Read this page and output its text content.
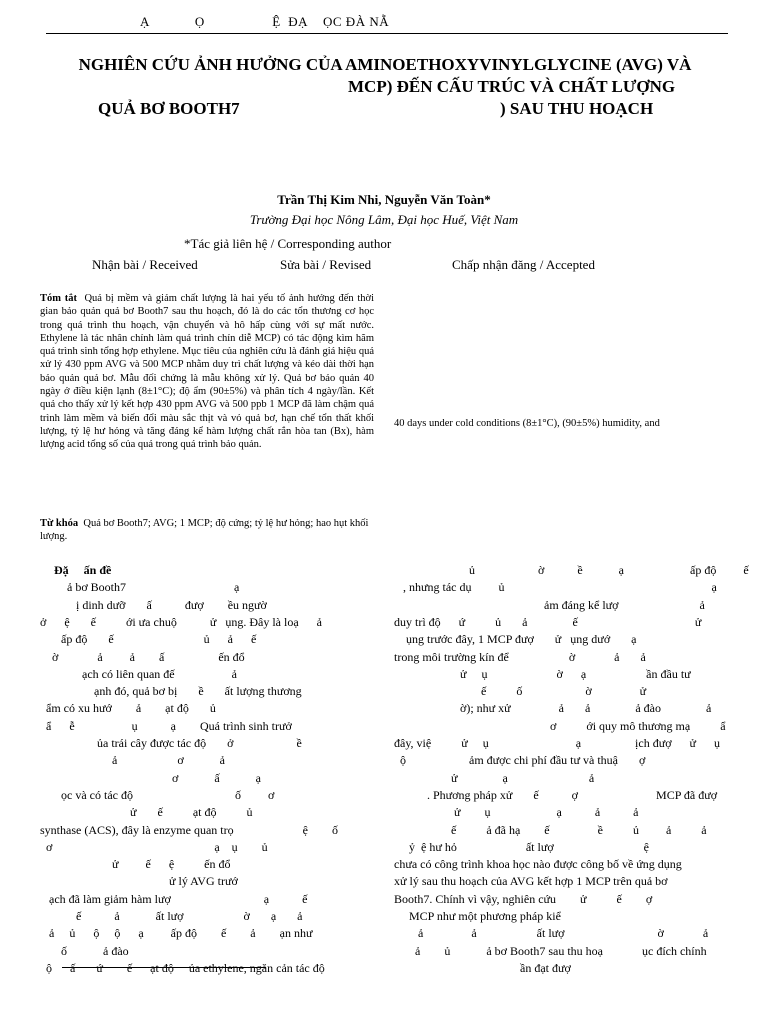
Ạ            Ọ                  Ệ  ĐẠ    ỌC ĐÀ NẴ
NGHIÊN CỨU ẢNH HƯỞNG CỦA AMINOETHOXYVINYLGLYCINE (AVG) VÀ
MCP) ĐẾN CẤU TRÚC VÀ CHẤT LƯỢNG
QUẢ BƠ BOOTH7	) SAU THU HOẠCH
Trần Thị Kim Nhi, Nguyễn Văn Toàn*
Trường Đại học Nông Lâm, Đại học Huế, Việt Nam
*Tác giả liên hệ / Corresponding author
Nhận bài / Received	Sửa bài / Revised	Chấp nhận đăng / Accepted
Tóm tắt Quả bị mềm và giảm chất lượng là hai yếu tố ảnh hưởng đến thời gian bảo quản quả bơ Booth7 sau thu hoạch, đó là do các tổn thương cơ học trong quá trình thu hoạch, vận chuyển và hô hấp cùng với sự mất nước. Ethylene là tác nhân chính làm quả trình chín diễ MCP) có tác động kìm hãm quá trình sinh tổng hợp ethylene. Mục tiêu của nghiên cứu là đánh giá hiệu quả xử lý 430 ppm AVG và 500 MCP nhằm duy trì chất lượng và kéo dài thời hạn bảo quản quả bơ. Mẫu đối chứng là mẫu không xử lý. Quả bơ bảo quản 40 ngày ở điều kiện lạnh (8±1°C); độ ẩm (90±5%) và phân tích 4 ngày/lần. Kết quả cho thấy xử lý kết hợp 430 ppm AVG và 500 ppb 1 MCP đã làm chậm quá trình làm mềm và biến đổi màu sắc thịt và vỏ quả bơ, hạn chế tổn thất khối lượng, tỷ lệ hư hỏng và tăng đáng kể hàm lượng chất rắn hòa tan (Bx), hàm lượng acid tổng số của quả trong quá trình bảo quản.
40 days under cold conditions (8±1°C), (90±5%) humidity, and
Từ khóa Quả bơ Booth7; AVG; 1 MCP; độ cứng; tỷ lệ hư hỏng; hao hụt khối lượng.
Đặ     ấn đề
ả bơ Booth7                                    ạ
ị dinh dưỡ       ấ           đượ        ều ngườ
ở      ệ       ế          ới ưa chuộ           ử   ụng. Đây là loạ      ả
ấp độ       ế                              ủ      ả      ế
ờ             ả         ả        ấ                  ến đổ
ạch có liên quan đế                   ả
ạnh đó, quả bơ bị       ề       ất lượng thương
ẩm có xu hướ        ả        ạt độ       ủ
ẩ      ễ                   ụ           ạ        Quá trình sinh trưở
ủa trái cây được tác độ       ở                     ề
ả                    ơ            ả
ơ            ấ            ạ
ọc và có tác độ                                  ố         ơ
ử       ế          ạt độ          ủ
synthase (ACS), đây là enzyme quan trọ                       ệ        ố
ơ                                                      ạ    ụ        ủ
ử         ế      ệ          ến đổ
ử lý AVG trướ
ạch đã làm giảm hàm lượ                               ạ           ế
ế           ả            ất lượ                    ờ       ạ       ả
ả     ủ      ộ     ộ      ạ         ấp độ        ế        ả        ạn như
ố            ả đào
ộ      ấ       ứ        ế      ạt độ     ủa ethylene, ngăn cản tác độ
ủ                     ờ           ề            ạ                      ấp độ         ế
, nhưng tác dụ         ủ                                                                     ạ
ảm đáng kể lượ                           ả
duy trì độ      ứ          ủ       ả               ế                                       ử
ụng trước đây, 1 MCP đượ       ử   ụng dướ       ạ
trong môi trường kín để                    ờ             ả       ả
ử     ụ                       ờ      ạ                    ần đầu tư
ế          ố                     ờ                ử
ờ); như xử                ả       ả               ả đào               ả
ơ          ới quy mô thương mạ          ẩ
đây, việ          ử     ụ                             ạ                  ịch đượ      ử      ụ
ộ                     ảm được chi phí đầu tư và thuậ       ợ
ử               ạ                           ả
. Phương pháp xử       ế           ợ                          MCP đã đượ
ử        ụ                      ạ           ả           ả
ế          ả đã hạ        ế                ề          ủ         ả          ả
ỷ  ệ hư hỏ                       ất lượ                              ệ
chưa có công trình khoa học nào được công bố về ứng dụng
xử lý sau thu hoạch của AVG kết hợp 1 MCP trên quả bơ
Booth7. Chính vì vậy, nghiên cứu        ử          ế        ợ
MCP như một phương pháp kiể
ả                ả                    ất lượ                               ờ             ả
ả        ủ            ả bơ Booth7 sau thu hoạ             ục đích chính
ần đạt đượ
